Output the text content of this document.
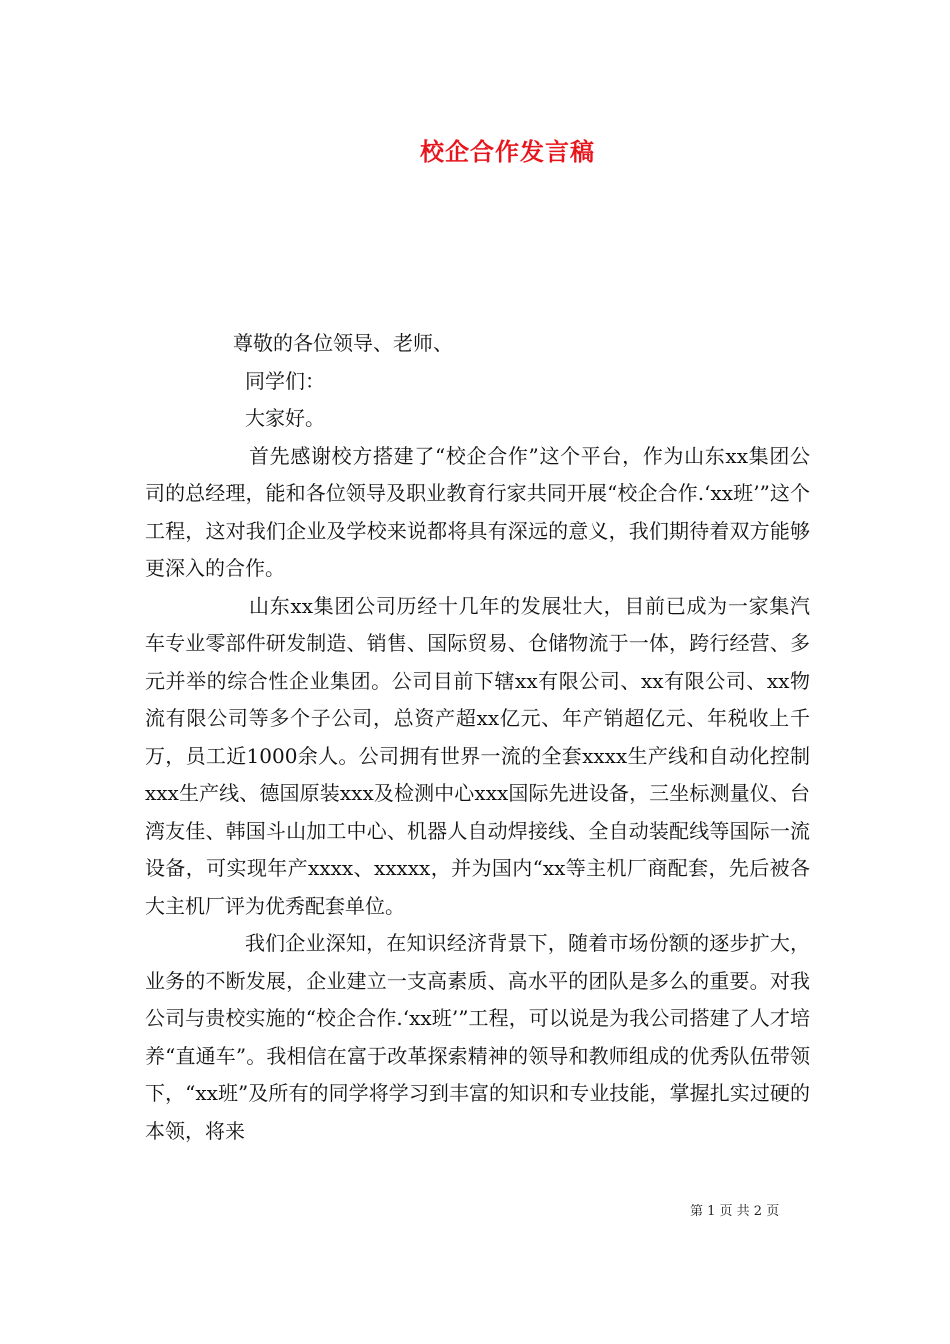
校企合作发言稿

尊敬的各位领导、老师、

同学们：

大家好。

首先感谢校方搭建了“校企合作”这个平台，作为山东xx集团公司的总经理，能和各位领导及职业教育行家共同开展“校企合作.‘xx班’”这个工程，这对我们企业及学校来说都将具有深远的意义，我们期待着双方能够更深入的合作。

山东xx集团公司历经十几年的发展壮大，目前已成为一家集汽车专业零部件研发制造、销售、国际贸易、仓储物流于一体，跨行经营、多元并举的综合性企业集团。公司目前下辖xx有限公司、xx有限公司、xx物流有限公司等多个子公司，总资产超xx亿元、年产销超亿元、年税收上千万，员工近1000余人。公司拥有世界一流的全套xxxx生产线和自动化控制xxx生产线、德国原装xxx及检测中心xxx国际先进设备，三坐标测量仪、台湾友佳、韩国斗山加工中心、机器人自动焊接线、全自动装配线等国际一流设备，可实现年产xxxx、xxxxx，并为国内“xx等主机厂商配套，先后被各大主机厂评为优秀配套单位。

我们企业深知，在知识经济背景下，随着市场份额的逐步扩大，业务的不断发展，企业建立一支高素质、高水平的团队是多么的重要。对我公司与贵校实施的“校企合作.‘xx班’”工程，可以说是为我公司搭建了人才培养“直通车”。我相信在富于改革探索精神的领导和教师组成的优秀队伍带领下，“xx班”及所有的同学将学习到丰富的知识和专业技能，掌握扎实过硬的本领，将来

第 1 页 共 2 页
